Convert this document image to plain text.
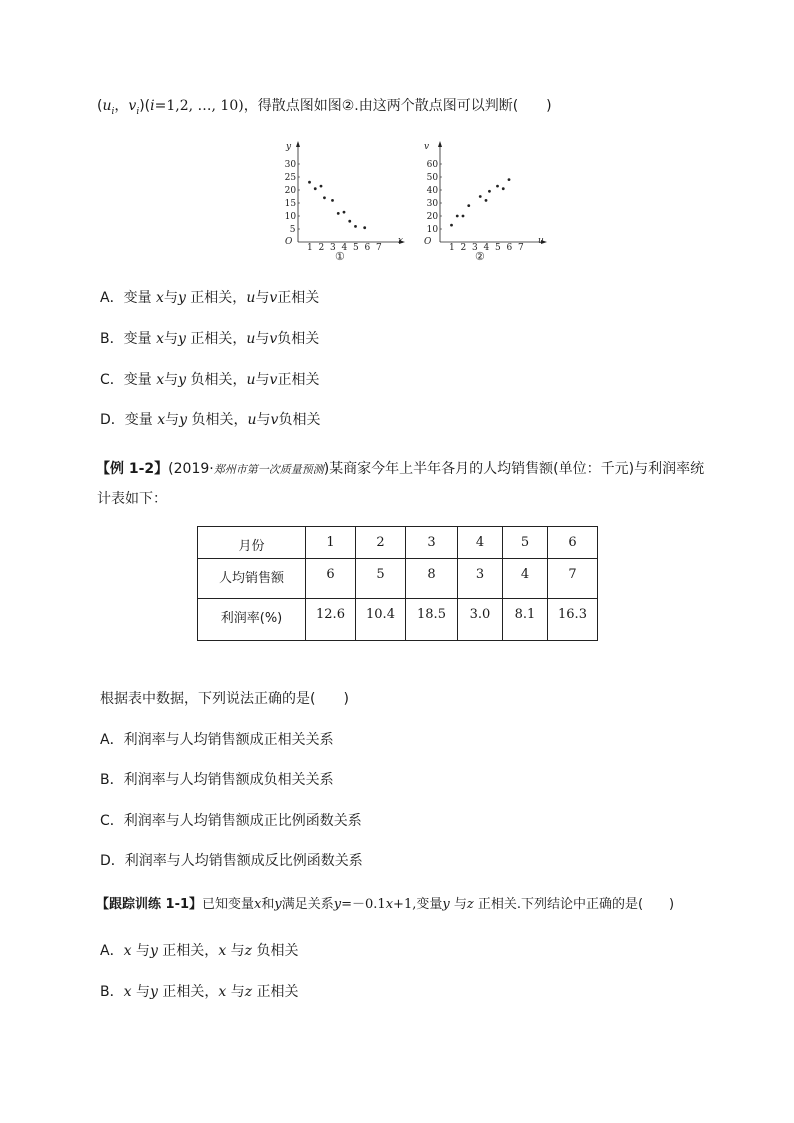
($u_i$，$v_i)(i=1,2$, …, 10)，得散点图如图②.由这两个散点图可以判断(　　)
O
y
x
①
1 2 3 4 5 6 7
5
10
15
20
25
30
O
v
u
②
1 2 3 4 5 6 7
10
20
30
40
50
60
A．变量 x与y 正相关，u与v正相关
B．变量 x与y 正相关，u与v负相关
C．变量 x与y 负相关，u与v正相关
D．变量 x与y 负相关，u与v负相关
【例 1-2】(2019·郑州市第一次质量预测)某商家今年上半年各月的人均销售额(单位：千元)与利润率统
计表如下：
月份	1	2	3	4	5	6
人均销售额	6	5	8	3	4	7
利润率(%)	12.6	10.4	18.5	3.0	8.1	16.3
根据表中数据，下列说法正确的是(　　)
A．利润率与人均销售额成正相关关系
B．利润率与人均销售额成负相关关系
C．利润率与人均销售额成正比例函数关系
D．利润率与人均销售额成反比例函数关系
【跟踪训练 1-1】已知变量x和y满足关系y=－0.1x+1,变量y 与z 正相关.下列结论中正确的是(　　)
A．x 与y 正相关，x 与z 负相关
B．x 与y 正相关，x 与z 正相关
